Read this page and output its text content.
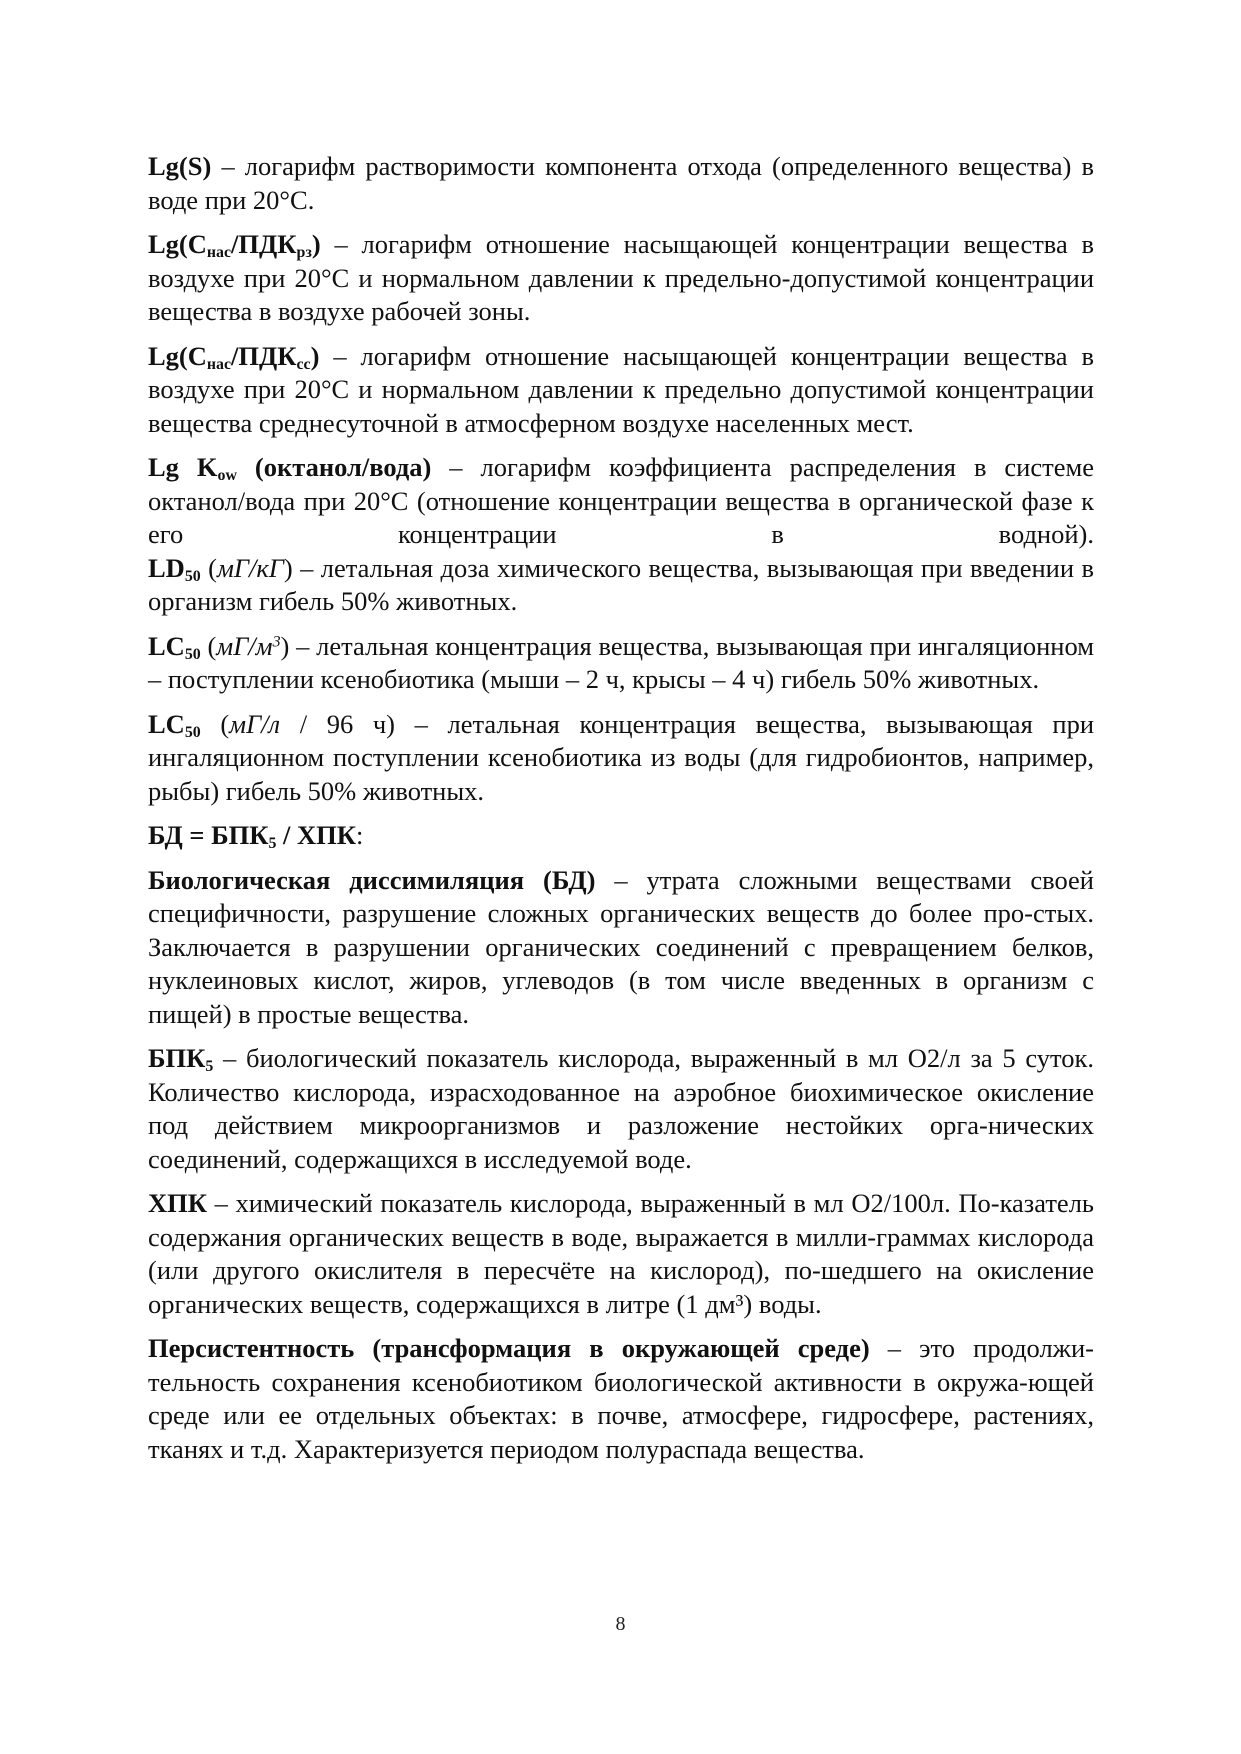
Lg(S) – логарифм растворимости компонента отхода (определенного вещества) в воде при 20°С.

$Lg(С_{нас}/ПДК_{рз})$ – логарифм отношение насыщающей концентрации вещества в воздухе при 20°С и нормальном давлении к предельно-допустимой концентрации вещества в воздухе рабочей зоны.

$Lg(С_{нас}/ПДК_{сс})$ – логарифм отношение насыщающей концентрации вещества в воздухе при 20°С и нормальном давлении к предельно допустимой концентрации вещества среднесуточной в атмосферном воздухе населенных мест.

Lg $K_{ow}$ (октанол/вода) – логарифм коэффициента распределения в системе октанол/вода при 20°С (отношение концентрации вещества в органической фазе к его концентрации в водной).

$LD_{50}$ (мГ/кГ) – летальная доза химического вещества, вызывающая при введении в организм гибель 50% животных.

$LC_{50}$ $(мГ/м^3)$ – летальная концентрация вещества, вызывающая при ингаляционном – поступлении ксенобиотика (мыши – 2 ч, крысы – 4 ч) гибель 50% животных.

$LC_{50}$ (мГ/л / 96 ч) – летальная концентрация вещества, вызывающая при ингаляционном поступлении ксенобиотика из воды (для гидробионтов, например, рыбы) гибель 50% животных.

БД = $БПК_5$ / ХПК:

Биологическая диссимиляция (БД) – утрата сложными веществами своей специфичности, разрушение сложных органических веществ до более про-стых. Заключается в разрушении органических соединений с превращением белков, нуклеиновых кислот, жиров, углеводов (в том числе введенных в организм с пищей) в простые вещества.

$БПК_5$ – биологический показатель кислорода, выраженный в мл О2/л за 5 суток. Количество кислорода, израсходованное на аэробное биохимическое окисление под действием микроорганизмов и разложение нестойких орга-нических соединений, содержащихся в исследуемой воде.

ХПК – химический показатель кислорода, выраженный в мл О2/100л. По-казатель содержания органических веществ в воде, выражается в милли-граммах кислорода (или другого окислителя в пересчёте на кислород), по-шедшего на окисление органических веществ, содержащихся в литре (1 дм³) воды.

Персистентность (трансформация в окружающей среде) – это продолжи-тельность сохранения ксенобиотиком биологической активности в окружа-ющей среде или ее отдельных объектах: в почве, атмосфере, гидросфере, растениях, тканях и т.д. Характеризуется периодом полураспада вещества.

8
